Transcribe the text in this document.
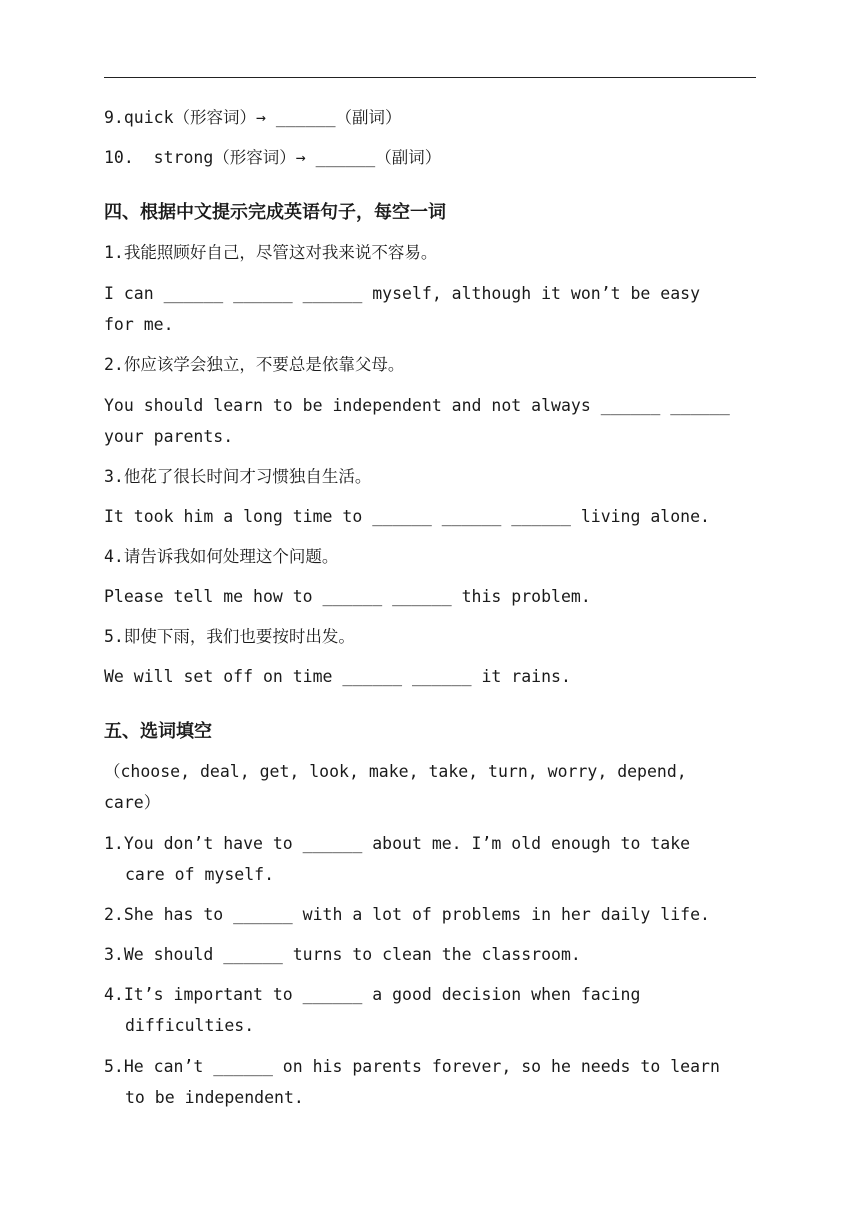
9.quick（形容词）→ ______（副词）
10.  strong（形容词）→ ______（副词）
四、根据中文提示完成英语句子，每空一词
1.我能照顾好自己，尽管这对我来说不容易。
I can ______ ______ ______ myself, although it won’t be easy
for me.
2.你应该学会独立，不要总是依靠父母。
You should learn to be independent and not always ______ ______
your parents.
3.他花了很长时间才习惯独自生活。
It took him a long time to ______ ______ ______ living alone.
4.请告诉我如何处理这个问题。
Please tell me how to ______ ______ this problem.
5.即使下雨，我们也要按时出发。
We will set off on time ______ ______ it rains.
五、选词填空
（choose, deal, get, look, make, take, turn, worry, depend,
care）
1.You don’t have to ______ about me. I’m old enough to take
care of myself.
2.She has to ______ with a lot of problems in her daily life.
3.We should ______ turns to clean the classroom.
4.It’s important to ______ a good decision when facing
difficulties.
5.He can’t ______ on his parents forever, so he needs to learn
to be independent.
